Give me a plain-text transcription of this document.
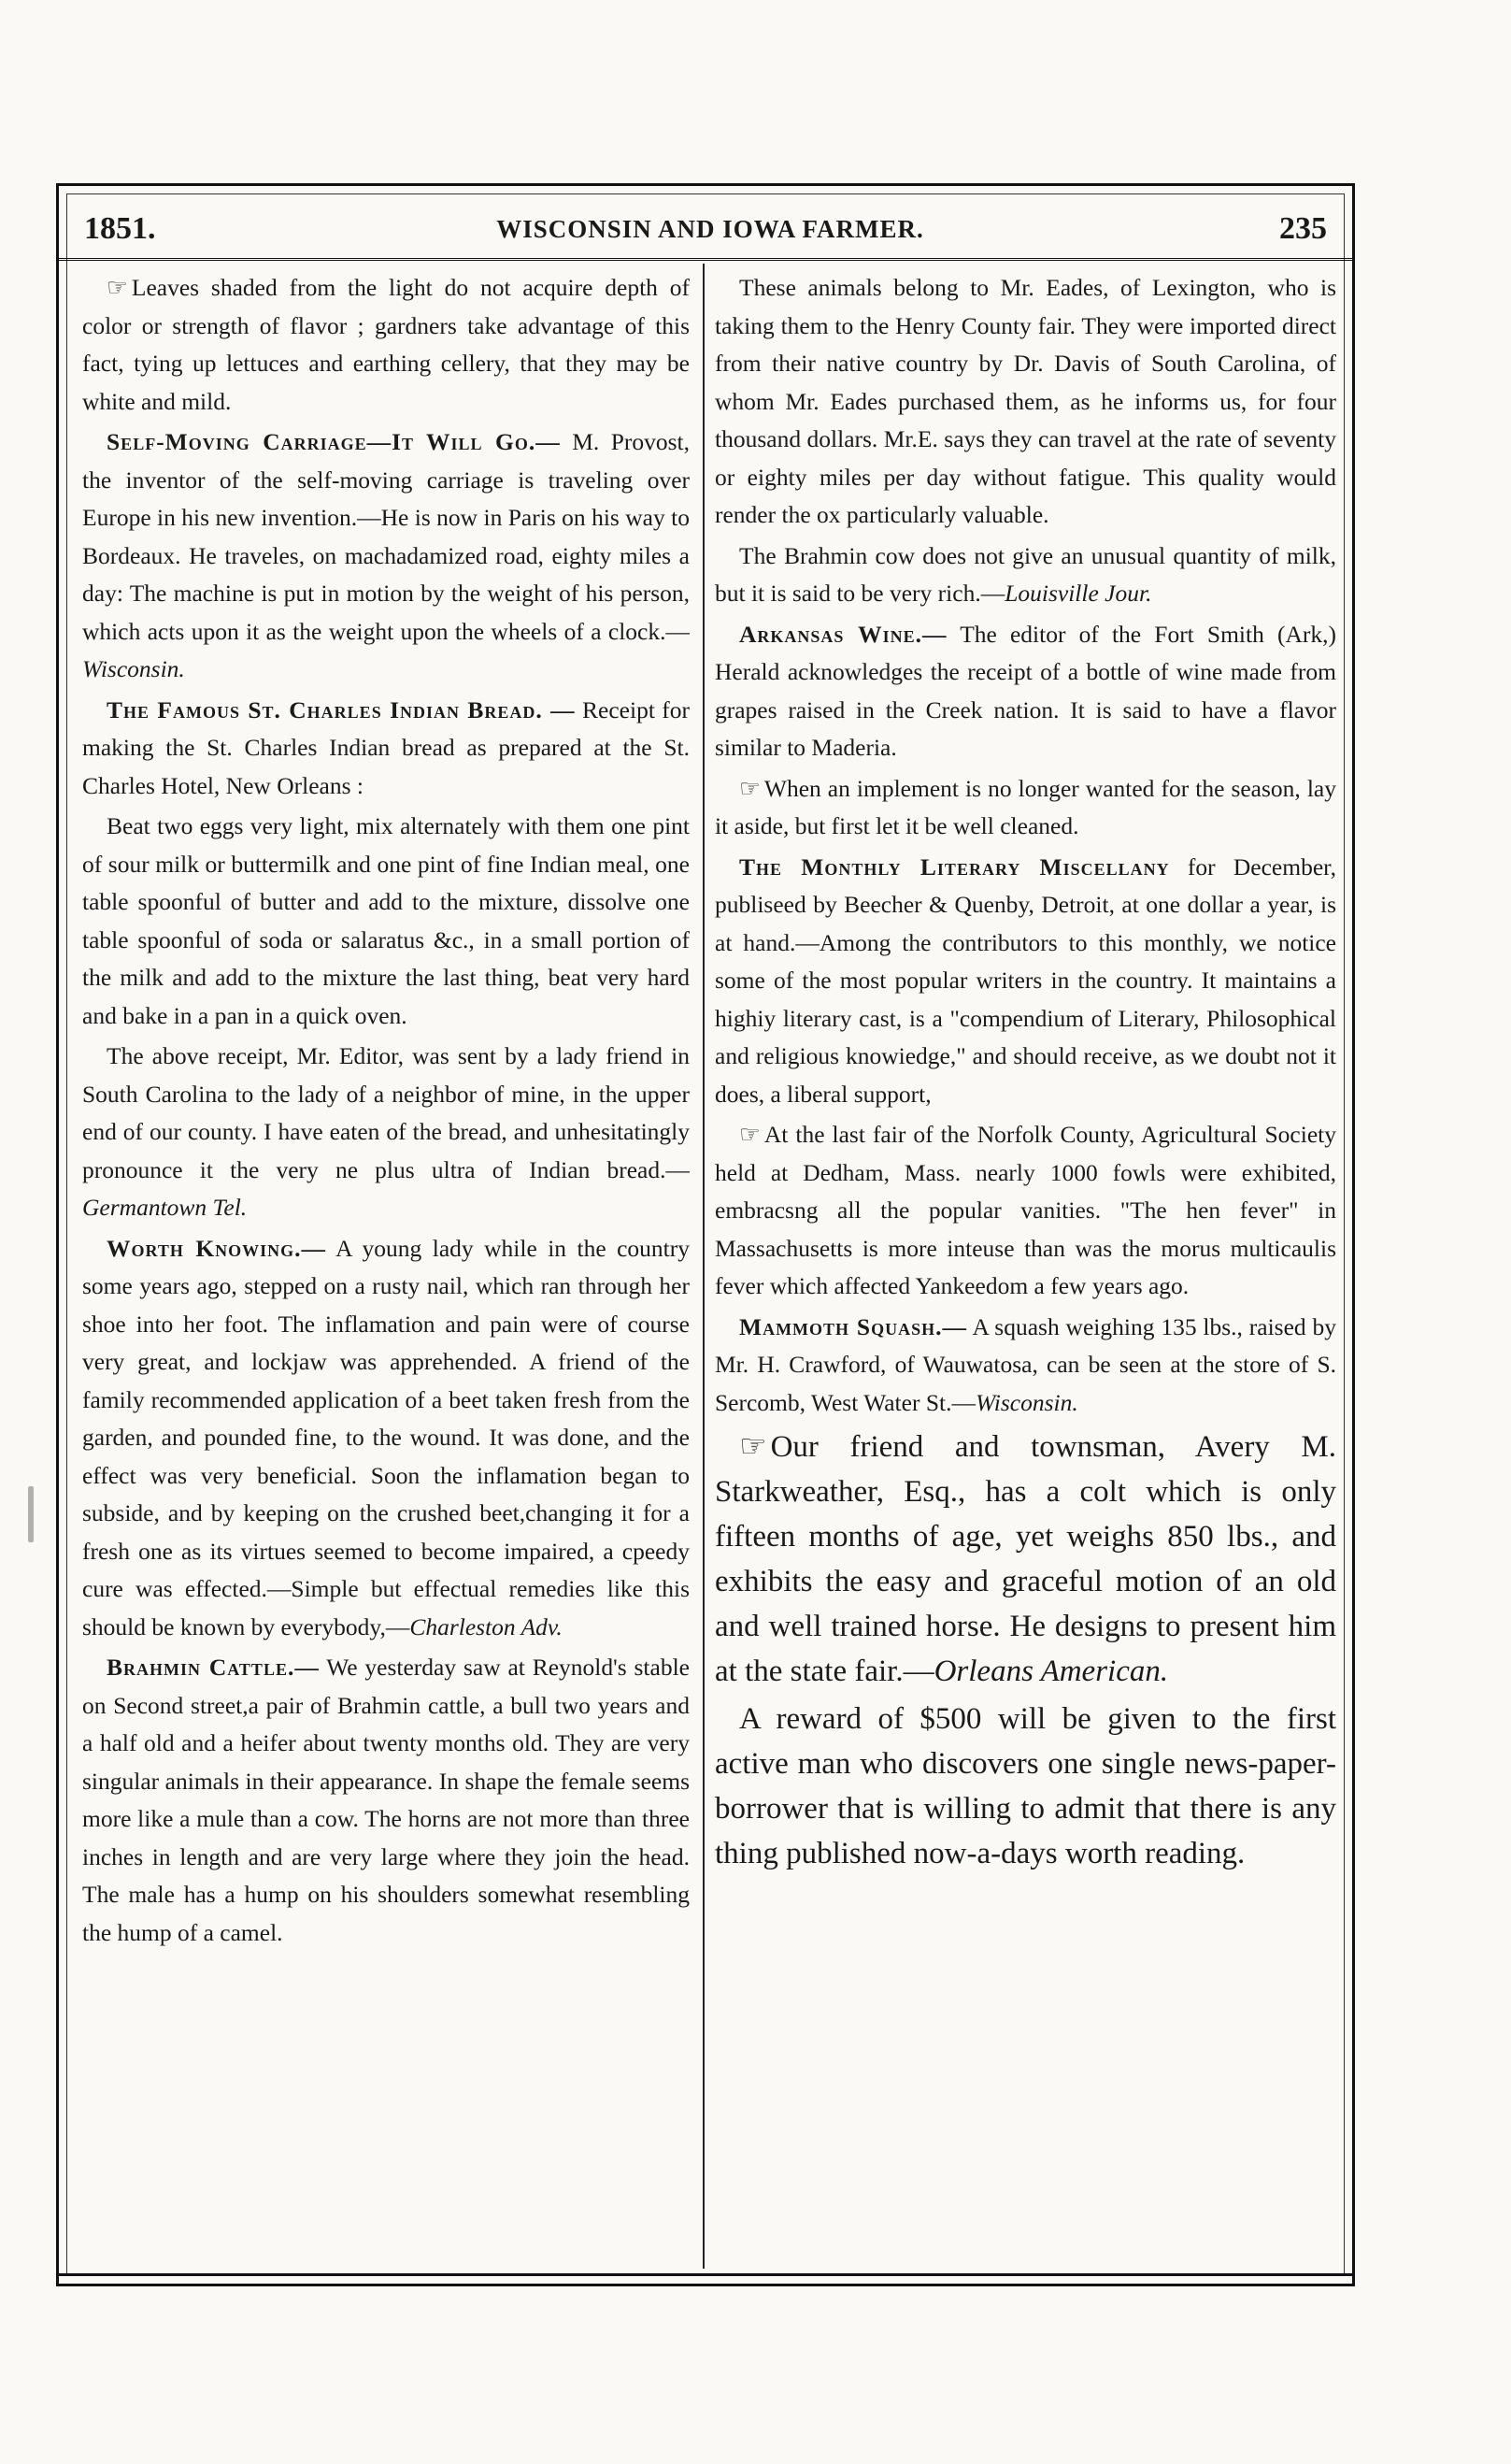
1851.	WISCONSIN AND IOWA FARMER.	235

☞ Leaves shaded from the light do not acquire depth of color or strength of flavor ; gardners take advantage of this fact, tying up lettuces and earthing cellery, that they may be white and mild.

Self-Moving Carriage—It Will Go.— M. Provost, the inventor of the self-moving carriage is traveling over Europe in his new invention.—He is now in Paris on his way to Bordeaux. He traveles, on machadamized road, eighty miles a day: The machine is put in motion by the weight of his person, which acts upon it as the weight upon the wheels of a clock.—Wisconsin.

The Famous St. Charles Indian Bread. — Receipt for making the St. Charles Indian bread as prepared at the St. Charles Hotel, New Orleans :

Beat two eggs very light, mix alternately with them one pint of sour milk or buttermilk and one pint of fine Indian meal, one table spoonful of butter and add to the mixture, dissolve one table spoonful of soda or salaratus &c., in a small portion of the milk and add to the mixture the last thing, beat very hard and bake in a pan in a quick oven.

The above receipt, Mr. Editor, was sent by a lady friend in South Carolina to the lady of a neighbor of mine, in the upper end of our county. I have eaten of the bread, and unhesitatingly pronounce it the very ne plus ultra of Indian bread.—Germantown Tel.

Worth Knowing.— A young lady while in the country some years ago, stepped on a rusty nail, which ran through her shoe into her foot. The inflamation and pain were of course very great, and lockjaw was apprehended. A friend of the family recommended application of a beet taken fresh from the garden, and pounded fine, to the wound. It was done, and the effect was very beneficial. Soon the inflamation began to subside, and by keeping on the crushed beet,changing it for a fresh one as its virtues seemed to become impaired, a cpeedy cure was effected.—Simple but effectual remedies like this should be known by everybody,—Charleston Adv.

Brahmin Cattle.— We yesterday saw at Reynold's stable on Second street,a pair of Brahmin cattle, a bull two years and a half old and a heifer about twenty months old. They are very singular animals in their appearance. In shape the female seems more like a mule than a cow. The horns are not more than three inches in length and are very large where they join the head. The male has a hump on his shoulders somewhat resembling the hump of a camel.

These animals belong to Mr. Eades, of Lexington, who is taking them to the Henry County fair. They were imported direct from their native country by Dr. Davis of South Carolina, of whom Mr. Eades purchased them, as he informs us, for four thousand dollars. Mr.E. says they can travel at the rate of seventy or eighty miles per day without fatigue. This quality would render the ox particularly valuable.

The Brahmin cow does not give an unusual quantity of milk, but it is said to be very rich.—Louisville Jour.

Arkansas Wine.— The editor of the Fort Smith (Ark,) Herald acknowledges the receipt of a bottle of wine made from grapes raised in the Creek nation. It is said to have a flavor similar to Maderia.

☞ When an implement is no longer wanted for the season, lay it aside, but first let it be well cleaned.

The Monthly Literary Miscellany for December, publiseed by Beecher & Quenby, Detroit, at one dollar a year, is at hand.—Among the contributors to this monthly, we notice some of the most popular writers in the country. It maintains a highiy literary cast, is a "compendium of Literary, Philosophical and religious knowiedge," and should receive, as we doubt not it does, a liberal support,

☞ At the last fair of the Norfolk County, Agricultural Society held at Dedham, Mass. nearly 1000 fowls were exhibited, embracsng all the popular vanities. "The hen fever" in Massachusetts is more inteuse than was the morus multicaulis fever which affected Yankeedom a few years ago.

Mammoth Squash.— A squash weighing 135 lbs., raised by Mr. H. Crawford, of Wauwatosa, can be seen at the store of S. Sercomb, West Water St.—Wisconsin.

☞ Our friend and townsman, Avery M. Starkweather, Esq., has a colt which is only fifteen months of age, yet weighs 850 lbs., and exhibits the easy and graceful motion of an old and well trained horse. He designs to present him at the state fair.—Orleans American.

A reward of $500 will be given to the first active man who discovers one single news-paper-borrower that is willing to admit that there is any thing published now-a-days worth reading.
